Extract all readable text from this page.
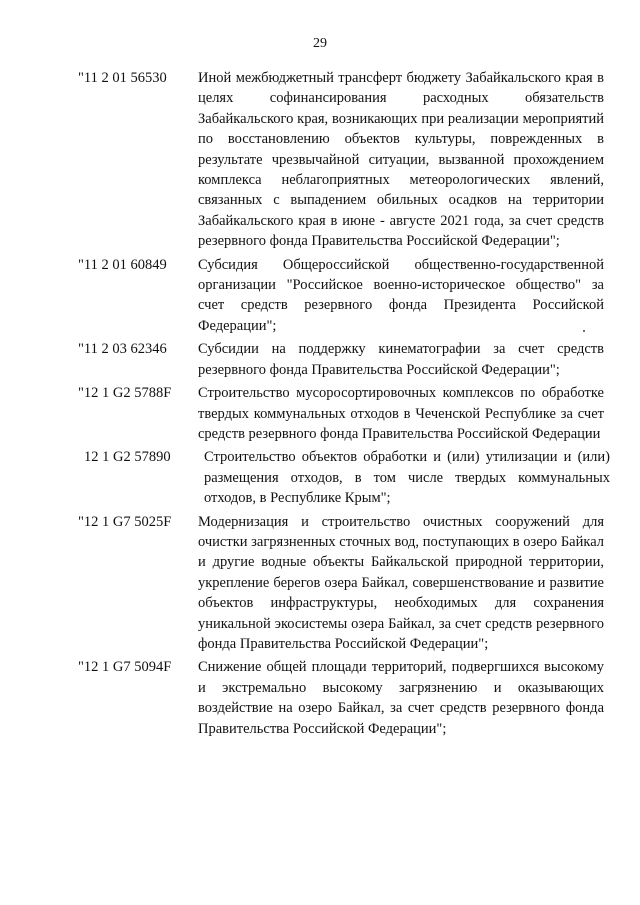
29
"11 2 01 56530	Иной межбюджетный трансферт бюджету Забайкальского края в целях софинансирования расходных обязательств Забайкальского края, возникающих при реализации мероприятий по восстановлению объектов культуры, поврежденных в результате чрезвычайной ситуации, вызванной прохождением комплекса неблагоприятных метеорологических явлений, связанных с выпадением обильных осадков на территории Забайкальского края в июне - августе 2021 года, за счет средств резервного фонда Правительства Российской Федерации";
"11 2 01 60849	Субсидия Общероссийской общественно-государственной организации "Российское военно-историческое общество" за счет средств резервного фонда Президента Российской Федерации";
"11 2 03 62346	Субсидии на поддержку кинематографии за счет средств резервного фонда Правительства Российской Федерации";
"12 1 G2 5788F	Строительство мусоросортировочных комплексов по обработке твердых коммунальных отходов в Чеченской Республике за счет средств резервного фонда Правительства Российской Федерации
12 1 G2 57890	Строительство объектов обработки и (или) утилизации и (или) размещения отходов, в том числе твердых коммунальных отходов, в Республике Крым";
"12 1 G7 5025F	Модернизация и строительство очистных сооружений для очистки загрязненных сточных вод, поступающих в озеро Байкал и другие водные объекты Байкальской природной территории, укрепление берегов озера Байкал, совершенствование и развитие объектов инфраструктуры, необходимых для сохранения уникальной экосистемы озера Байкал, за счет средств резервного фонда Правительства Российской Федерации";
"12 1 G7 5094F	Снижение общей площади территорий, подвергшихся высокому и экстремально высокому загрязнению и оказывающих воздействие на озеро Байкал, за счет средств резервного фонда Правительства Российской Федерации";
